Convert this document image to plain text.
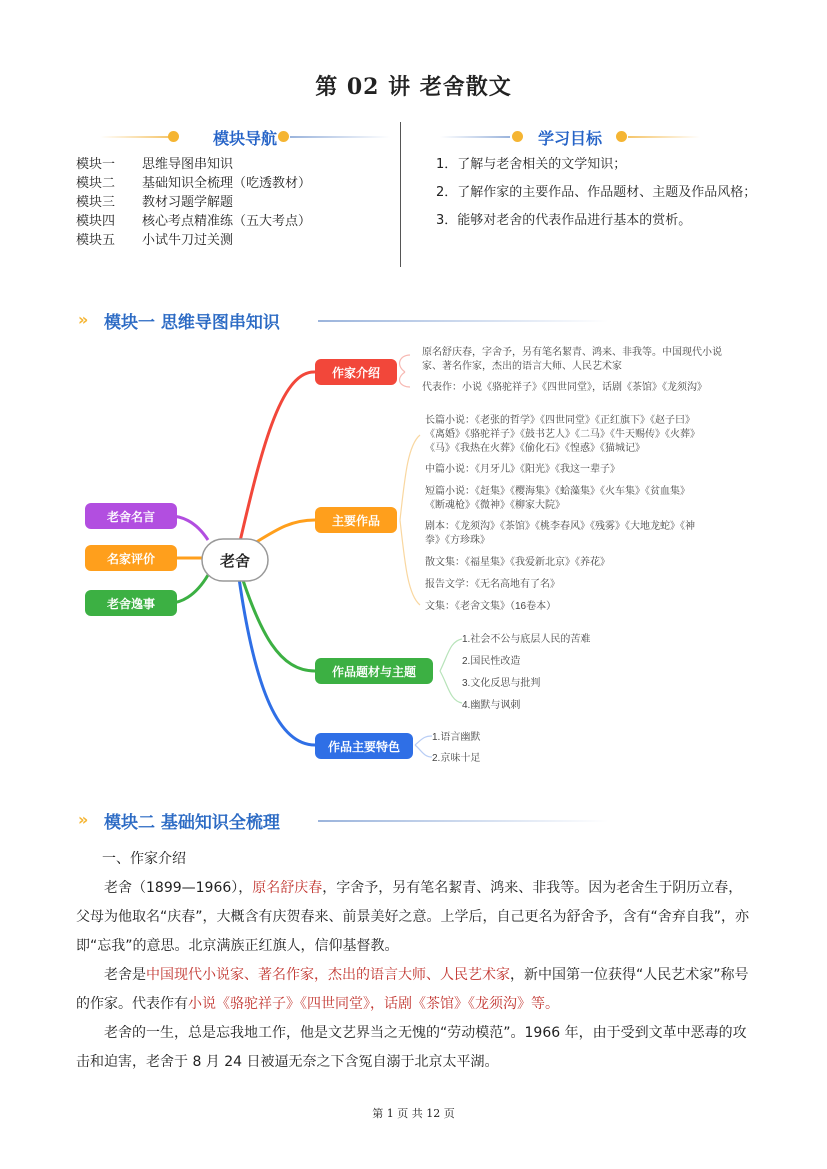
第 02 讲 老舍散文
模块导航	学习目标
模块一	思维导图串知识
模块二	基础知识全梳理（吃透教材）
模块三	教材习题学解题
模块四	核心考点精准练（五大考点）
模块五	小试牛刀过关测

1．了解与老舍相关的文学知识；

2．了解作家的主要作品、作品题材、主题及作品风格；

3．能够对老舍的代表作品进行基本的赏析。

» 模块一 思维导图串知识
老舍
老舍名言
名家评价
老舍逸事
作家介绍
主要作品
作品题材与主题
作品主要特色
原名舒庆春，字舍予，另有笔名絜青、鸿来、非我等。中国现代小说
家、著名作家，杰出的语言大师、人民艺术家
代表作：小说《骆驼祥子》《四世同堂》，话剧《茶馆》《龙须沟》
长篇小说：《老张的哲学》《四世同堂》《正红旗下》《赵子曰》
《离婚》《骆驼祥子》《鼓书艺人》《二马》《牛天赐传》《火葬》
《马》《我热在火葬》《偷化石》《惶惑》《猫城记》
中篇小说：《月牙儿》《阳光》《我这一辈子》
短篇小说：《赶集》《樱海集》《蛤藻集》《火车集》《贫血集》
《断魂枪》《微神》《柳家大院》
剧本：《龙须沟》《茶馆》《桃李春风》《残雾》《大地龙蛇》《神
拳》《方珍珠》
散文集：《福星集》《我爱新北京》《养花》
报告文学：《无名高地有了名》
文集：《老舍文集》（16卷本）
1.社会不公与底层人民的苦难
2.国民性改造
3.文化反思与批判
4.幽默与讽刺
1.语言幽默
2.京味十足
» 模块二 基础知识全梳理

一、作家介绍

老舍（1899—1966），原名舒庆春，字舍予，另有笔名絜青、鸿来、非我等。因为老舍生于阴历立春，父母为他取名“庆春”，大概含有庆贺春来、前景美好之意。上学后，自己更名为舒舍予，含有“舍弃自我”，亦即“忘我”的意思。北京满族正红旗人，信仰基督教。

老舍是中国现代小说家、著名作家，杰出的语言大师、人民艺术家，新中国第一位获得“人民艺术家”称号的作家。代表作有小说《骆驼祥子》《四世同堂》，话剧《茶馆》《龙须沟》等。

老舍的一生，总是忘我地工作，他是文艺界当之无愧的“劳动模范”。1966 年，由于受到文革中恶毒的攻击和迫害，老舍于 8 月 24 日被逼无奈之下含冤自溺于北京太平湖。

第 1 页 共 12 页
